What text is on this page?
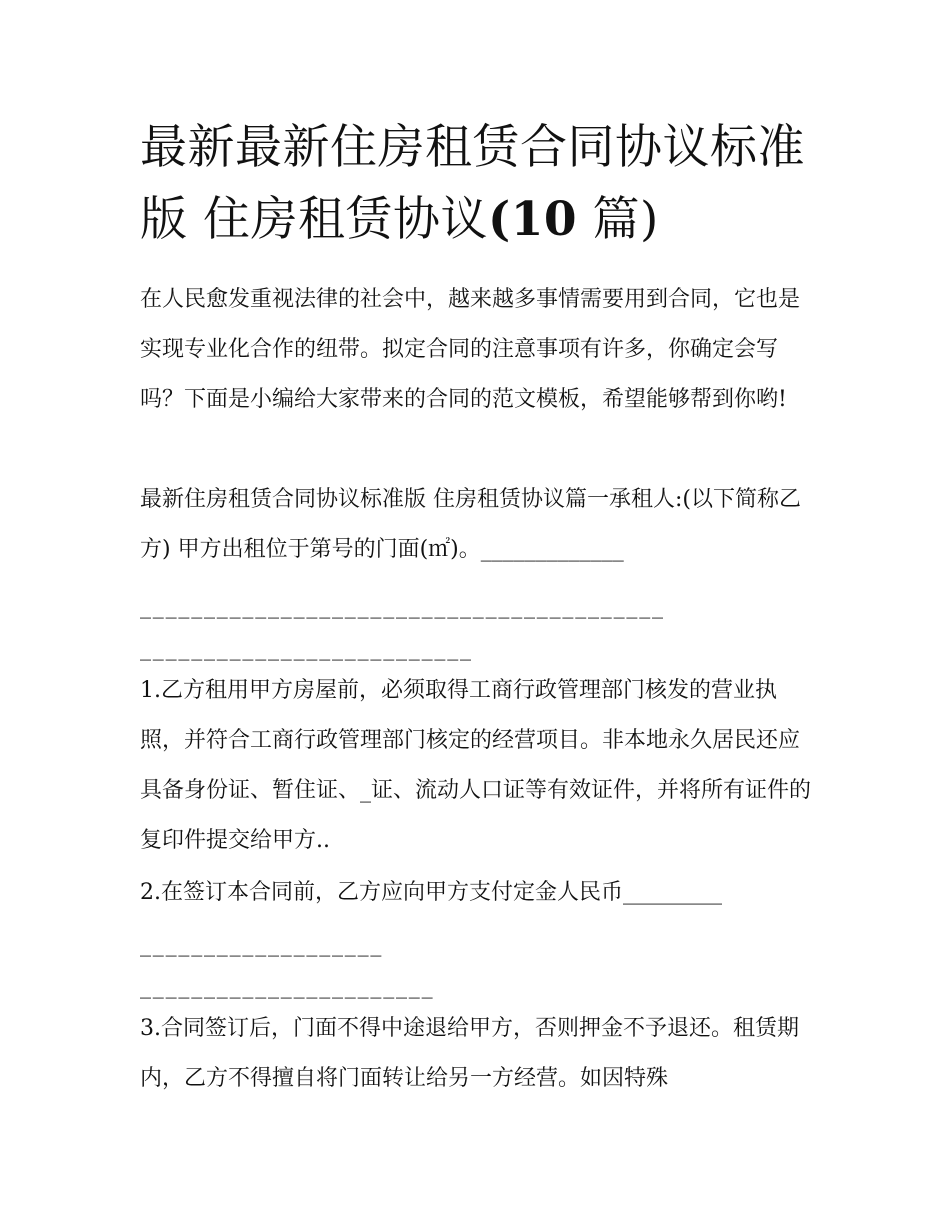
最新最新住房租赁合同协议标准版 住房租赁协议(10 篇)

在人民愈发重视法律的社会中，越来越多事情需要用到合同，它也是实现专业化合作的纽带。拟定合同的注意事项有许多，你确定会写吗？下面是小编给大家带来的合同的范文模板，希望能够帮到你哟!

最新住房租赁合同协议标准版 住房租赁协议篇一承租人:(以下简称乙方) 甲方出租位于第号的门面(㎡)。_____________

_________________________________________

__________________________

1.乙方租用甲方房屋前，必须取得工商行政管理部门核发的营业执照，并符合工商行政管理部门核定的经营项目。非本地永久居民还应具备身份证、暂住证、_证、流动人口证等有效证件，并将所有证件的复印件提交给甲方..

2.在签订本合同前，乙方应向甲方支付定金人民币_________

___________________

_______________________

3.合同签订后，门面不得中途退给甲方，否则押金不予退还。租赁期内，乙方不得擅自将门面转让给另一方经营。如因特殊
